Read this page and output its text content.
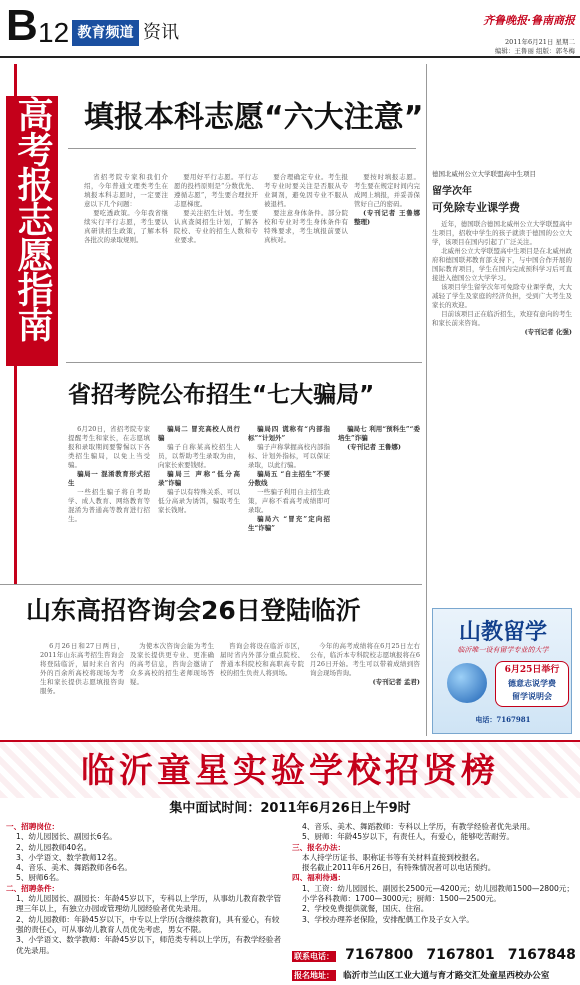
B 12 教育频道 资讯
齐鲁晚报·鲁南商报
2011年6月21日 星期二
编辑：王鲁丽 组版：郭冬梅
高考报志愿指南 填报本科志愿“六大注意”

省招考院专家和我们介绍，今年普通文理类考生在填报本科志愿时，一定要注意以下几个问题：

要吃透政策。今年我省继续实行平行志愿，考生要认真研读招生政策，了解本科各批次的录取规则。

要用好平行志愿。平行志愿的投档原则是“分数优先、遵循志愿”，考生要合理拉开志愿梯度。

要关注招生计划。考生要认真查阅招生计划，了解各院校、专业的招生人数和专业要求。

要合理确定专业。考生报考专业时要关注是否服从专业调剂，避免因专业不服从被退档。

要注意身体条件。部分院校和专业对考生身体条件有特殊要求，考生填报前要认真核对。

要按时填报志愿。考生要在规定时间内完成网上填报，并妥善保管好自己的密码。

(专刊记者 王鲁娜 整理)

省招考院公布招生“七大骗局”

6月20日，省招考院专家提醒考生和家长，在志愿填报和录取期间要警惕以下各类招生骗局，以免上当受骗。

骗局一 混淆教育形式招生

一些招生骗子将自考助学、成人教育、网络教育等混淆为普通高等教育进行招生。

骗局二 冒充高校人员行骗

骗子自称某高校招生人员，以帮助考生录取为由，向家长索要钱财。

骗局三 声称“低分高录”诈骗

骗子以有特殊关系、可以低分高录为诱饵，骗取考生家长钱财。

骗局四 谎称有“内部指标”“计划外”

骗子声称掌握高校内部指标、计划外指标，可以保证录取，以此行骗。

骗局五 “自主招生”不要分数线

一些骗子利用自主招生政策，声称不看高考成绩即可录取。

骗局六 “冒充”定向招生“诈骗”

骗局七 利用“预科生”“委培生”诈骗

(专刊记者 王鲁娜)

山东高招咨询会26日登陆临沂

6月26日和27日两日，2011年山东高考招生咨询会将登陆临沂，届时来自省内外的百余所高校将现场为考生和家长提供志愿填报咨询服务。

为使本次咨询会能为考生及家长提供更专业、更准确的高考信息，咨询会邀请了众多高校的招生老师现场答疑。

咨询会将设在临沂市区，届时省内外部分重点院校、普通本科院校和高职高专院校的招生负责人将到场。

今年的高考成绩将在6月25日左右公布，临沂本专科院校志愿填报将在6月26日开始。考生可以带着成绩到咨询会现场咨询。

(专刊记者 孟君)

德国北威州公立大学联盟高中生项目

留学次年
可免除专业课学费

近年，德国联合德国北威州公立大学联盟高中生项目，招收中学生的孩子就读于德国的公立大学，该项目在国内引起了广泛关注。

北威州公立大学联盟高中生项目是在北威州政府和德国联邦教育部支持下，与中国合作开展的国际教育项目，学生在国内完成预科学习后可直接进入德国公立大学学习。

该项目学生留学次年可免除专业课学费，大大减轻了学生及家庭的经济负担，受到广大考生及家长的欢迎。

目前该项目正在临沂招生，欢迎有意向的考生和家长前来咨询。

(专刊记者 化强)

山教留学
临沂唯一设有留学专业的大学
6月25日举行
德意志说学费
留学说明会
电话：7167981
临沂童星实验学校招贤榜
集中面试时间：2011年6月26日上午9时
一、招聘岗位：
1、幼儿园园长、副园长6名。
2、幼儿园教师40名。
3、小学语文、数学教师12名。
4、音乐、美术、舞蹈教师各6名。
5、厨师6名。
二、招聘条件：
1、幼儿园园长、副园长：年龄45岁以下，专科以上学历，从事幼儿教育教学管理三年以上，有独立办园或管理幼儿园经验者优先录用。
2、幼儿园教师：年龄45岁以下，中专以上学历(含继续教育)，具有爱心，有较强的责任心，可从事幼儿教育人员优先考虑，男女不限。
3、小学语文、数学教师：年龄45岁以下，师范类专科以上学历，有教学经验者优先录用。
4、音乐、美术、舞蹈教师：专科以上学历，有教学经验者优先录用。
5、厨师：年龄45岁以下，有责任人，有爱心，能够吃苦耐劳。
三、报名办法：
本人持学历证书、职称证书等有关材料直接到校报名。
报名截止2011年6月26日，有特殊情况者可以电话预约。
四、福利待遇：
1、工资：幼儿园园长、副园长2500元—4200元；幼儿园教师1500—2800元；小学各科教师：1700—3000元；厨师：1500—2500元。
2、学校免费提供就餐，国庆、住宿。
3、学校办理养老保险，安排配偶工作及子女入学。
联系电话： 7167800 7167801 7167848
报名地址： 临沂市兰山区工业大道与育才路交汇处童星西校办公室
